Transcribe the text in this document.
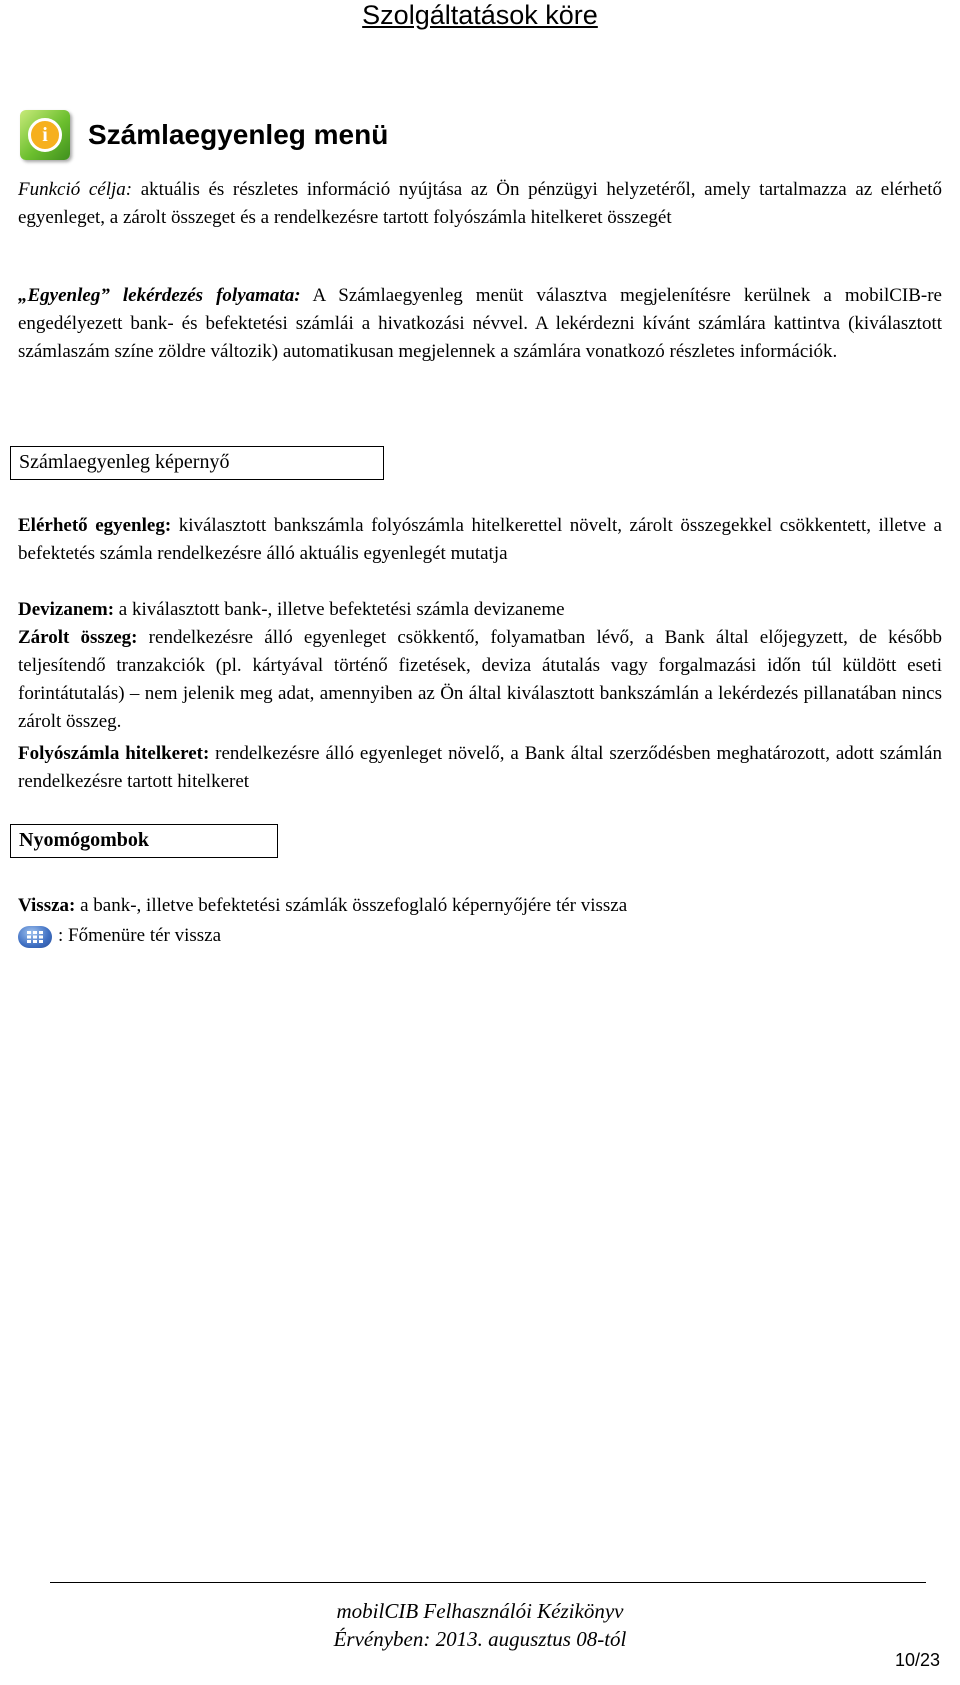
Szolgáltatások köre
i	Számlaegyenleg menü

Funkció célja: aktuális és részletes információ nyújtása az Ön pénzügyi helyzetéről, amely tartalmazza az elérhető egyenleget, a zárolt összeget és a rendelkezésre tartott folyószámla hitelkeret összegét

„Egyenleg” lekérdezés folyamata: A Számlaegyenleg menüt választva megjelenítésre kerülnek a mobilCIB-re engedélyezett bank- és befektetési számlái a hivatkozási névvel. A lekérdezni kívánt számlára kattintva (kiválasztott számlaszám színe zöldre változik) automatikusan megjelennek a számlára vonatkozó részletes információk.

Számlaegyenleg képernyő

Elérhető egyenleg: kiválasztott bankszámla folyószámla hitelkerettel növelt, zárolt összegekkel csökkentett, illetve a befektetés számla rendelkezésre álló aktuális egyenlegét mutatja

Devizanem: a kiválasztott bank-, illetve befektetési számla devizaneme

Zárolt összeg: rendelkezésre álló egyenleget csökkentő, folyamatban lévő, a Bank által előjegyzett, de később teljesítendő tranzakciók (pl. kártyával történő fizetések, deviza átutalás vagy forgalmazási időn túl küldött eseti forintátutalás) – nem jelenik meg adat, amennyiben az Ön által kiválasztott bankszámlán a lekérdezés pillanatában nincs zárolt összeg.

Folyószámla hitelkeret: rendelkezésre álló egyenleget növelő, a Bank által szerződésben meghatározott, adott számlán rendelkezésre tartott hitelkeret

Nyomógombok

Vissza: a bank-, illetve befektetési számlák összefoglaló képernyőjére tér vissza

: Főmenüre tér vissza

mobilCIB Felhasználói Kézikönyv
Érvényben: 2013. augusztus 08-tól
10/23
